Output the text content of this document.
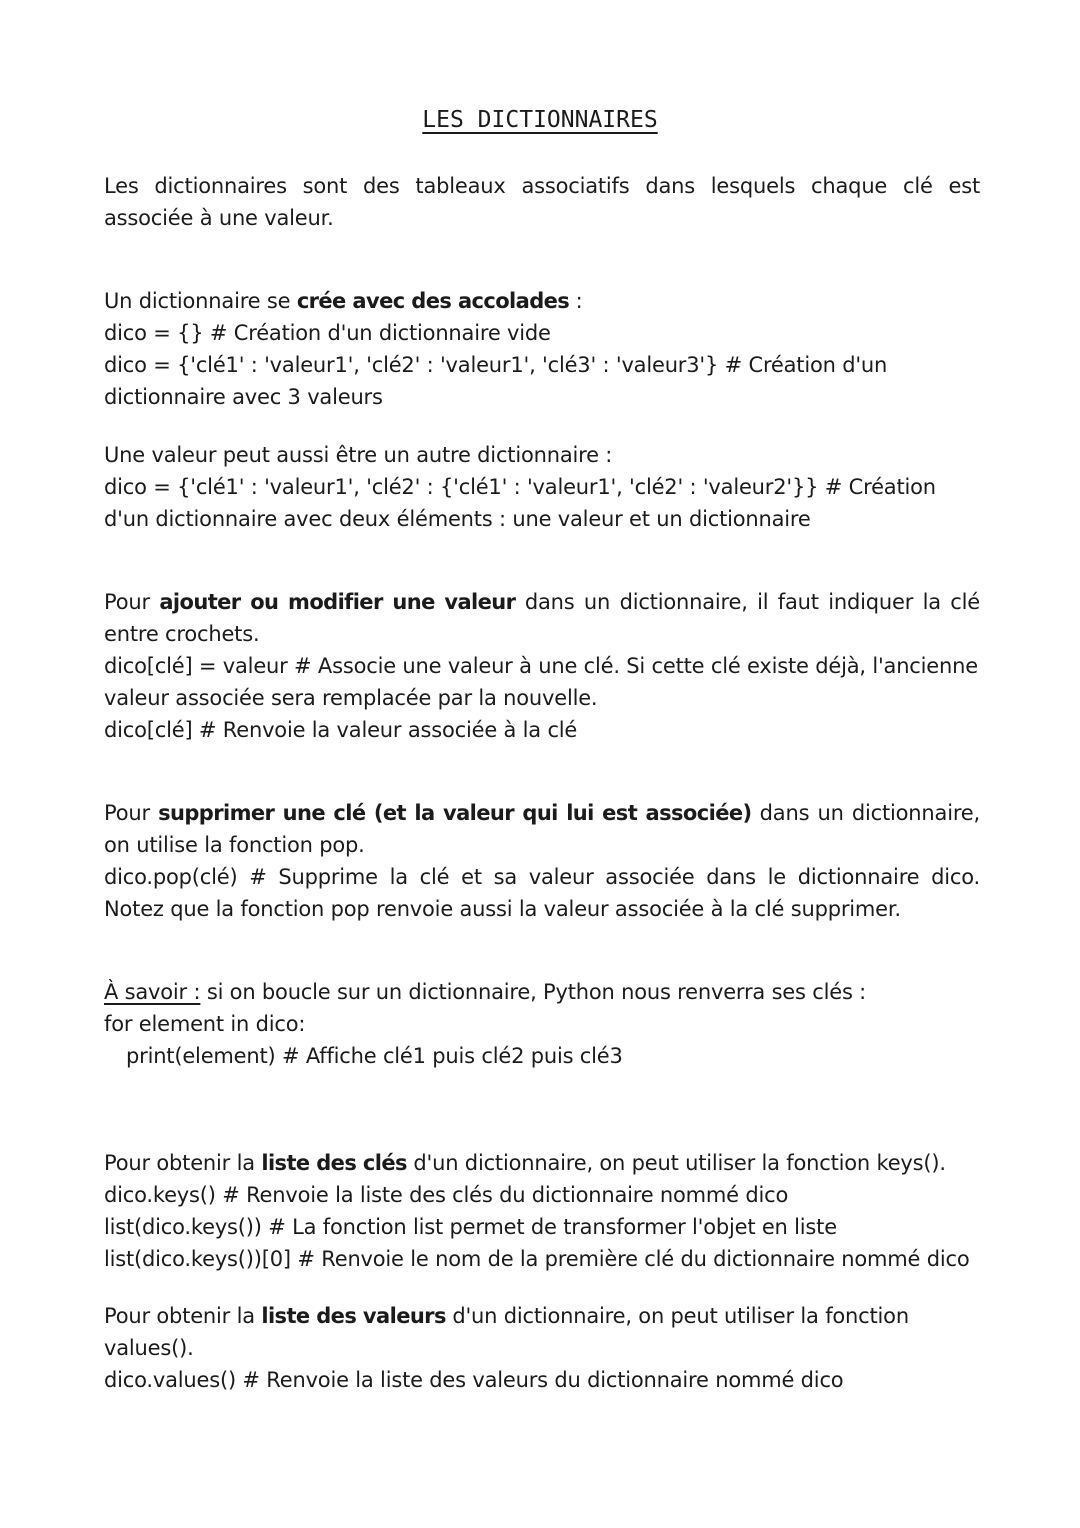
LES DICTIONNAIRES

Les dictionnaires sont des tableaux associatifs dans lesquels chaque clé est associée à une valeur.

Un dictionnaire se crée avec des accolades :

dico = {} # Création d'un dictionnaire vide

dico = {'clé1' : 'valeur1', 'clé2' : 'valeur1', 'clé3' : 'valeur3'} # Création d'un dictionnaire avec 3 valeurs

Une valeur peut aussi être un autre dictionnaire :

dico = {'clé1' : 'valeur1', 'clé2' : {'clé1' : 'valeur1', 'clé2' : 'valeur2'}} # Création d'un dictionnaire avec deux éléments : une valeur et un dictionnaire

Pour ajouter ou modifier une valeur dans un dictionnaire, il faut indiquer la clé entre crochets.

dico[clé] = valeur # Associe une valeur à une clé. Si cette clé existe déjà, l'ancienne valeur associée sera remplacée par la nouvelle.

dico[clé] # Renvoie la valeur associée à la clé

Pour supprimer une clé (et la valeur qui lui est associée) dans un dictionnaire, on utilise la fonction pop.

dico.pop(clé) # Supprime la clé et sa valeur associée dans le dictionnaire dico. Notez que la fonction pop renvoie aussi la valeur associée à la clé supprimer.

À savoir : si on boucle sur un dictionnaire, Python nous renverra ses clés :

for element in dico:

print(element) # Affiche clé1 puis clé2 puis clé3

Pour obtenir la liste des clés d'un dictionnaire, on peut utiliser la fonction keys().

dico.keys() # Renvoie la liste des clés du dictionnaire nommé dico

list(dico.keys()) # La fonction list permet de transformer l'objet en liste

list(dico.keys())[0] # Renvoie le nom de la première clé du dictionnaire nommé dico

Pour obtenir la liste des valeurs d'un dictionnaire, on peut utiliser la fonction values().

dico.values() # Renvoie la liste des valeurs du dictionnaire nommé dico
